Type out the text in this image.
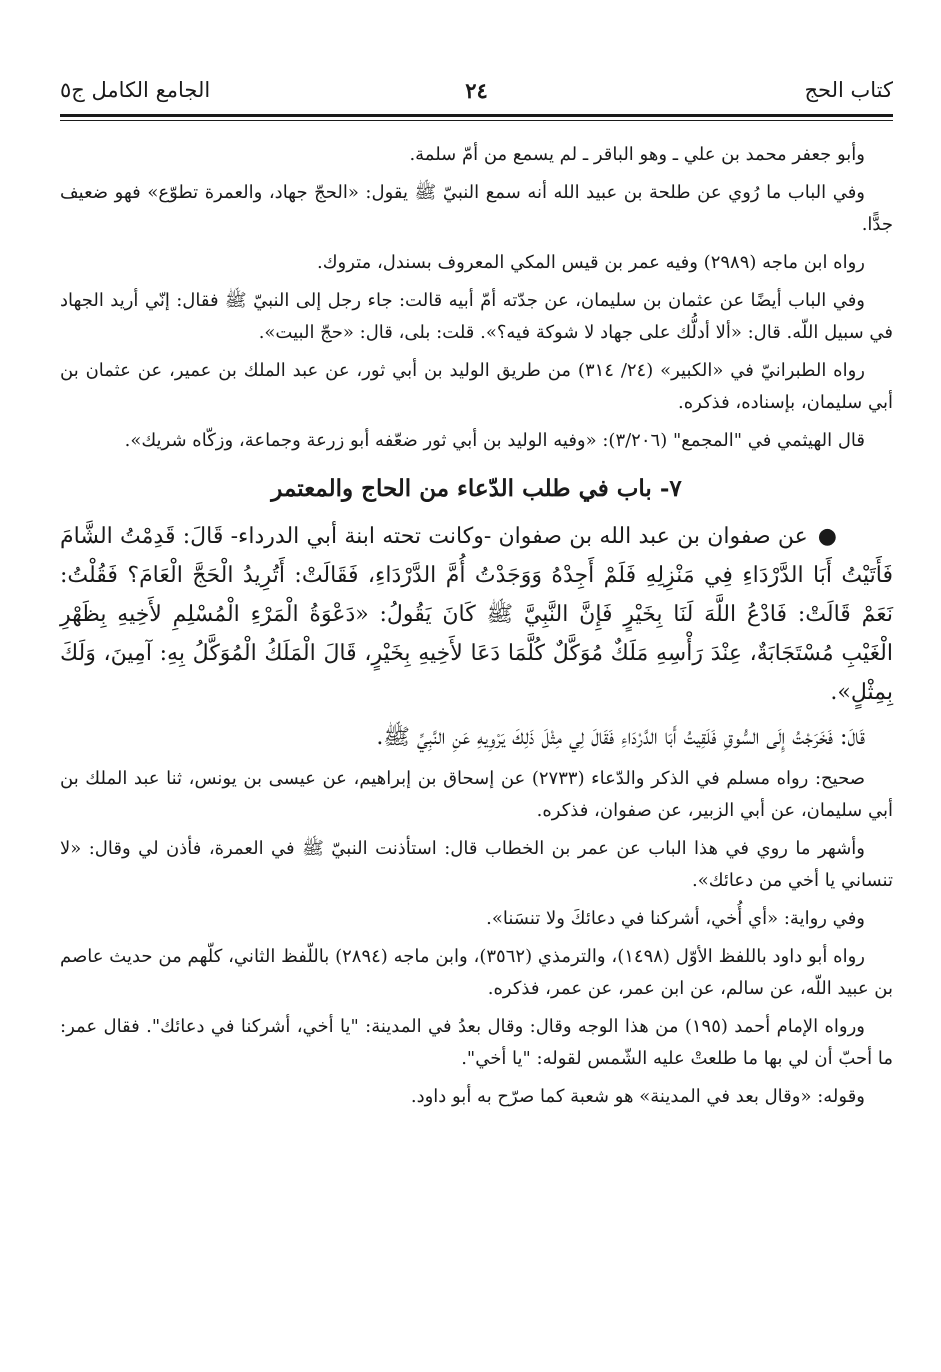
كتاب الحج
٢٤
الجامع الكامل ج٥

وأبو جعفر محمد بن علي ـ وهو الباقر ـ لم يسمع من أمّ سلمة.

وفي الباب ما رُوي عن طلحة بن عبيد الله أنه سمع النبيّ ﷺ يقول: «الحجّ جهاد، والعمرة تطوّع» فهو ضعيف جدًّا.

رواه ابن ماجه (٢٩٨٩) وفيه عمر بن قيس المكي المعروف بسندل، متروك.

وفي الباب أيضًا عن عثمان بن سليمان، عن جدّته أمّ أبيه قالت: جاء رجل إلى النبيّ ﷺ فقال: إنّي أريد الجهاد في سبيل اللّه. قال: «ألا أدلُّك على جهاد لا شوكة فيه؟». قلت: بلى، قال: «حجّ البيت».

رواه الطبرانيّ في «الكبير» (٢٤/ ٣١٤) من طريق الوليد بن أبي ثور، عن عبد الملك بن عمير، عن عثمان بن أبي سليمان، بإسناده، فذكره.

قال الهيثمي في "المجمع" (٣/٢٠٦): «وفيه الوليد بن أبي ثور ضعّفه أبو زرعة وجماعة، وزكّاه شريك».

٧- باب في طلب الدّعاء من الحاج والمعتمر

●عن صفوان بن عبد الله بن صفوان -وكانت تحته ابنة أبي الدرداء- قَالَ: قَدِمْتُ الشَّامَ فَأَتَيْتُ أَبَا الدَّرْدَاءِ فِي مَنْزِلِهِ فَلَمْ أَجِدْهُ وَوَجَدْتُ أُمَّ الدَّرْدَاءِ، فَقَالَتْ: أَتُرِيدُ الْحَجَّ الْعَامَ؟ فَقُلْتُ: نَعَمْ قَالَتْ: فَادْعُ اللَّهَ لَنَا بِخَيْرٍ فَإِنَّ النَّبِيَّ ﷺ كَانَ يَقُولُ: «دَعْوَةُ الْمَرْءِ الْمُسْلِمِ لأَخِيهِ بِظَهْرِ الْغَيْبِ مُسْتَجَابَةٌ، عِنْدَ رَأْسِهِ مَلَكٌ مُوَكَّلٌ كُلَّمَا دَعَا لأَخِيهِ بِخَيْرٍ، قَالَ الْمَلَكُ الْمُوَكَّلُ بِهِ: آمِينَ، وَلَكَ بِمِثْلٍ».

قَالَ: فَخَرَجْتُ إِلَى السُّوقِ فَلَقِيتُ أَبَا الدَّرْدَاءِ فَقَالَ لِي مِثْلَ ذَلِكَ يَرْوِيهِ عَنِ النَّبِيِّ ﷺ.

صحيح: رواه مسلم في الذكر والدّعاء (٢٧٣٣) عن إسحاق بن إبراهيم، عن عيسى بن يونس، ثنا عبد الملك بن أبي سليمان، عن أبي الزبير، عن صفوان، فذكره.

وأشهر ما روي في هذا الباب عن عمر بن الخطاب قال: استأذنت النبيّ ﷺ في العمرة، فأذن لي وقال: «لا تنساني يا أخي من دعائك».

وفي رواية: «أي أُخي، أشركنا في دعائكَ ولا تنسَنا».

رواه أبو داود باللفظ الأوّل (١٤٩٨)، والترمذي (٣٥٦٢)، وابن ماجه (٢٨٩٤) باللّفظ الثاني، كلّهم من حديث عاصم بن عبيد اللّه، عن سالم، عن ابن عمر، عن عمر، فذكره.

ورواه الإمام أحمد (١٩٥) من هذا الوجه وقال: وقال بعدُ في المدينة: "يا أخي، أشركنا في دعائك". فقال عمر: ما أحبّ أن لي بها ما طلعتْ عليه الشّمس لقوله: "يا أخي".

وقوله: «وقال بعد في المدينة» هو شعبة كما صرّح به أبو داود.
